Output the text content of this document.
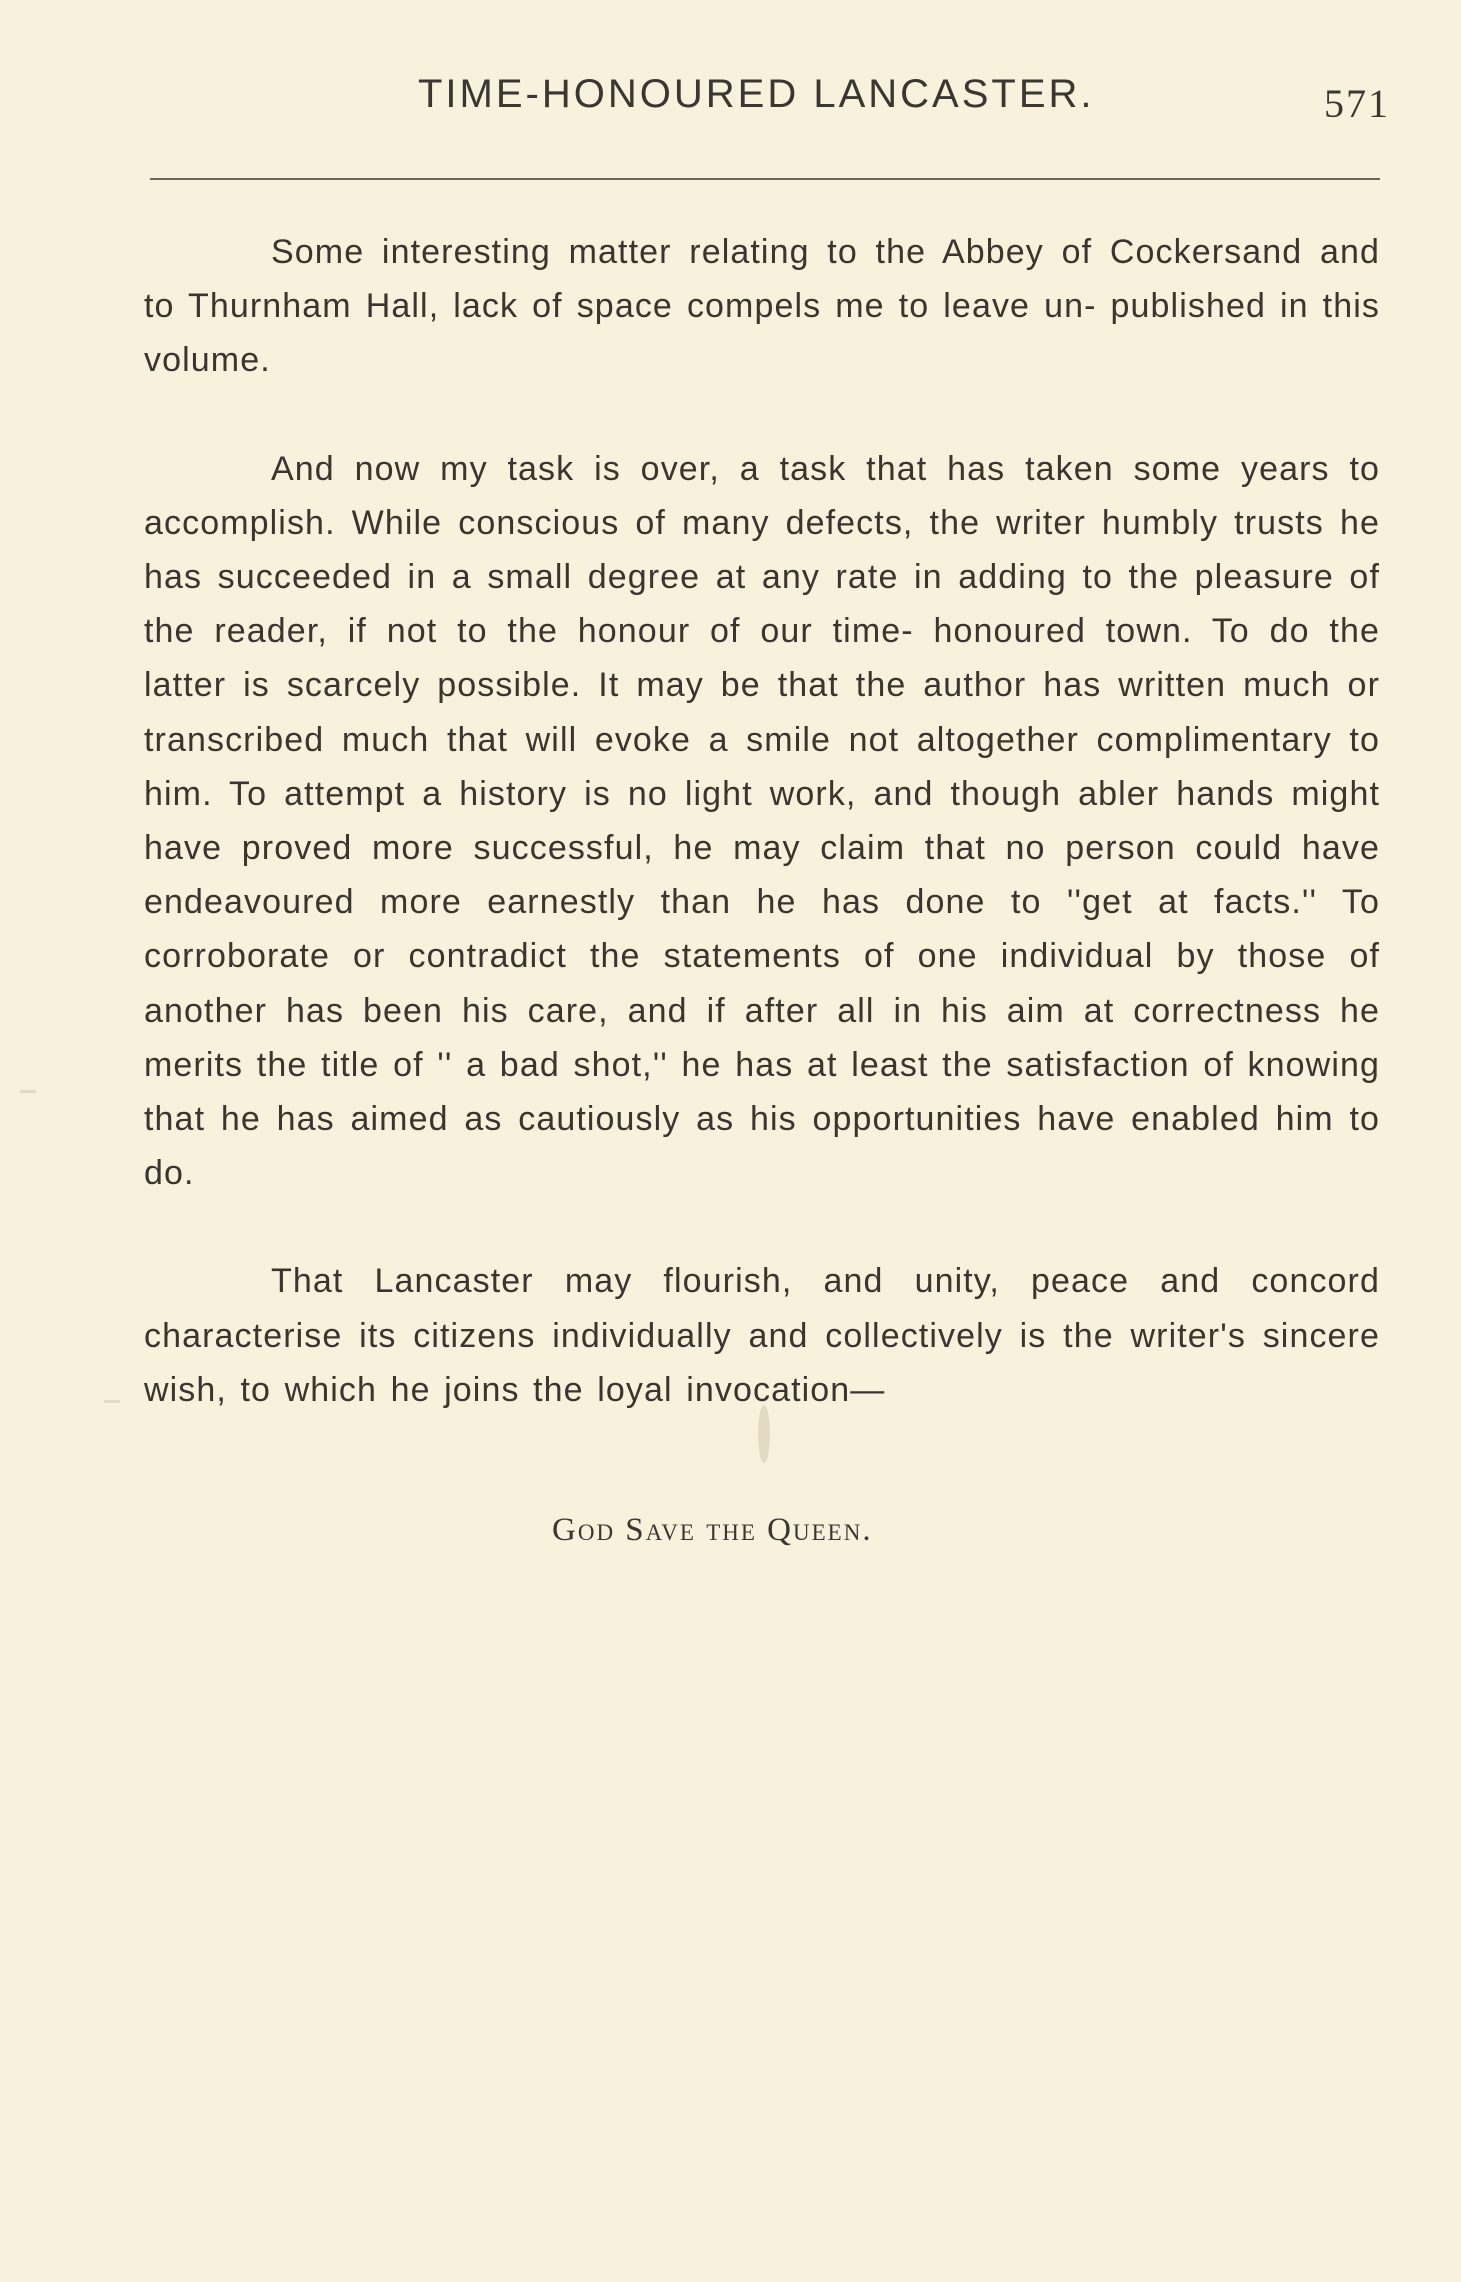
TIME-HONOURED LANCASTER.	571

Some interesting matter relating to the Abbey of Cockersand and to Thurnham Hall, lack of space compels me to leave un- published in this volume.

And now my task is over, a task that has taken some years to accomplish. While conscious of many defects, the writer humbly trusts he has succeeded in a small degree at any rate in adding to the pleasure of the reader, if not to the honour of our time- honoured town. To do the latter is scarcely possible. It may be that the author has written much or transcribed much that will evoke a smile not altogether complimentary to him. To attempt a history is no light work, and though abler hands might have proved more successful, he may claim that no person could have endeavoured more earnestly than he has done to ''get at facts.'' To corroborate or contradict the statements of one individual by those of another has been his care, and if after all in his aim at correctness he merits the title of '' a bad shot,'' he has at least the satisfaction of knowing that he has aimed as cautiously as his opportunities have enabled him to do.

That Lancaster may flourish, and unity, peace and concord characterise its citizens individually and collectively is the writer's sincere wish, to which he joins the loyal invocation—

God Save the Queen.
